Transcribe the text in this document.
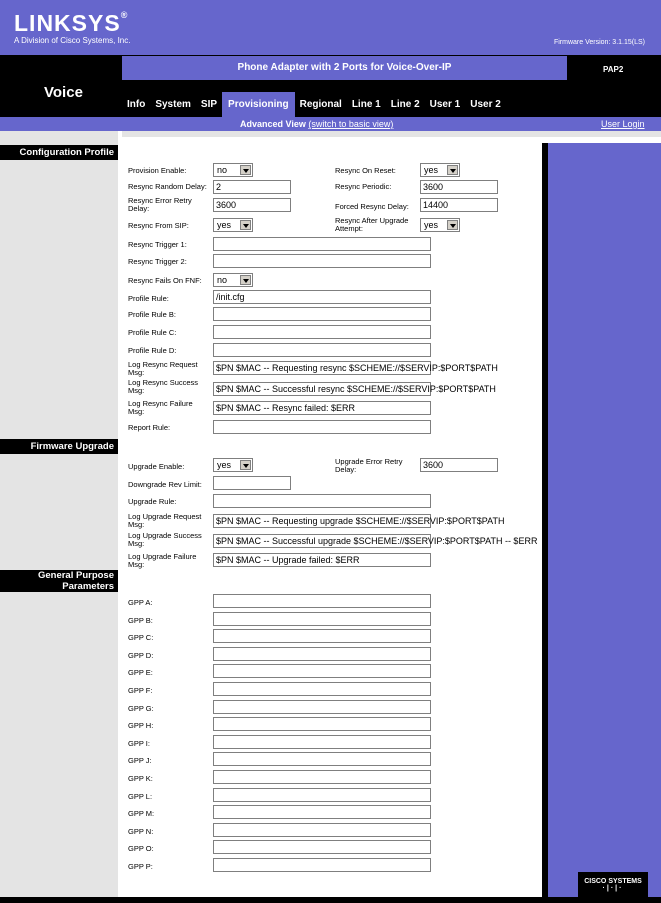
LINKSYS®
A Division of Cisco Systems, Inc.	Firmware Version: 3.1.15(LS)
Voice
Phone Adapter with 2 Ports for Voice-Over-IP	PAP2
Info	System	SIP	Provisioning	Regional	Line 1	Line 2	User 1	User 2
Advanced View (switch to basic view)	User Login
CISCO SYSTEMS
·|·|·
Configuration Profile
Firmware Upgrade
General Purpose Parameters
Provision Enable:	no	Resync On Reset:	yes
Resync Random Delay:	2	Resync Periodic:	3600
Resync Error Retry Delay:	3600	Forced Resync Delay:	14400
Resync From SIP:	yes	Resync After Upgrade Attempt:	yes
Resync Trigger 1:
Resync Trigger 2:
Resync Fails On FNF:	no
Profile Rule:	/init.cfg
Profile Rule B:
Profile Rule C:
Profile Rule D:
Log Resync Request Msg:	$PN $MAC -- Requesting resync $SCHEME://$SERVIP:$PORT$PATH
Log Resync Success Msg:	$PN $MAC -- Successful resync $SCHEME://$SERVIP:$PORT$PATH
Log Resync Failure Msg:	$PN $MAC -- Resync failed: $ERR
Report Rule:
Upgrade Enable:	yes	Upgrade Error Retry Delay:	3600
Downgrade Rev Limit:
Upgrade Rule:
Log Upgrade Request Msg:	$PN $MAC -- Requesting upgrade $SCHEME://$SERVIP:$PORT$PATH
Log Upgrade Success Msg:	$PN $MAC -- Successful upgrade $SCHEME://$SERVIP:$PORT$PATH -- $ERR
Log Upgrade Failure Msg:	$PN $MAC -- Upgrade failed: $ERR
GPP A:
GPP B:
GPP C:
GPP D:
GPP E:
GPP F:
GPP G:
GPP H:
GPP I:
GPP J:
GPP K:
GPP L:
GPP M:
GPP N:
GPP O:
GPP P:
